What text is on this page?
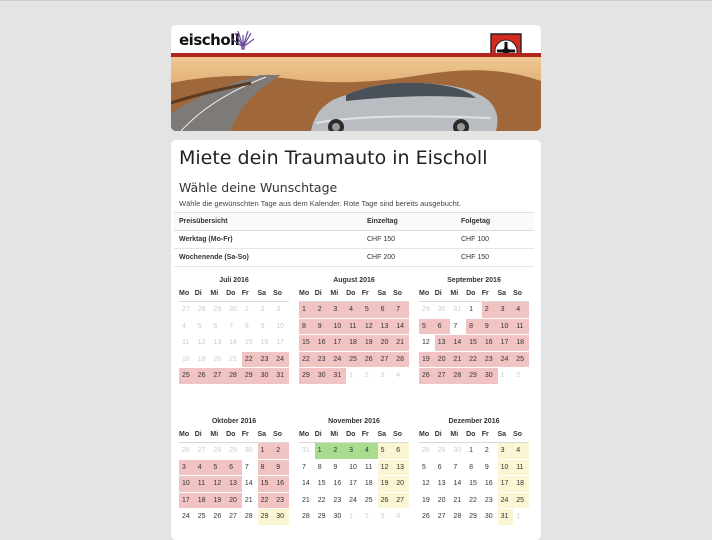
eischoll
Miete dein Traumauto in Eischoll
Wähle deine Wunschtage
Wähle die gewünschten Tage aus dem Kalender. Rote Tage sind bereits ausgebucht.
Preisübersicht	Einzeltag	Folgetag
Werktag (Mo-Fr)	CHF 150	CHF 100
Wochenende (Sa-So)	CHF 200	CHF 150
Juli 2016
Mo Di	Mi	Do Fr	Sa	So
27	28	29	30	1	2	3
4	5	6	7	8	9	10
11	12	13	14	15	16	17
18	19	20	21	22	23	24
25	26	27	28	29	30	31
August 2016
Mo Di	Mi	Do Fr	Sa	So
1	2	3	4	5	6	7
8	9	10	11	12	13	14
15	16	17	18	19	20	21
22	23	24	25	26	27	28
29	30	31	1	2	3	4
September 2016
Mo Di	Mi	Do Fr	Sa	So
29	30	31	1	2	3	4
5	6	7	8	9	10	11
12	13	14	15	16	17	18
19	20	21	22	23	24	25
26	27	28	29	30	1	2
Oktober 2016
Mo Di	Mi	Do Fr	Sa	So
26	27	28	29	30	1	2
3	4	5	6	7	8	9
10	11	12	13	14	15	16
17	18	19	20	21	22	23
24	25	26	27	28	29	30
November 2016
Mo Di	Mi	Do Fr	Sa	So
31	1	2	3	4	5	6
7	8	9	10	11	12	13
14	15	16	17	18	19	20
21	22	23	24	25	26	27
28	29	30	1	2	3	4
Dezember 2016
Mo Di	Mi	Do Fr	Sa	So
28	29	30	1	2	3	4
5	6	7	8	9	10	11
12	13	14	15	16	17	18
19	20	21	22	23	24	25
26	27	28	29	30	31	1
